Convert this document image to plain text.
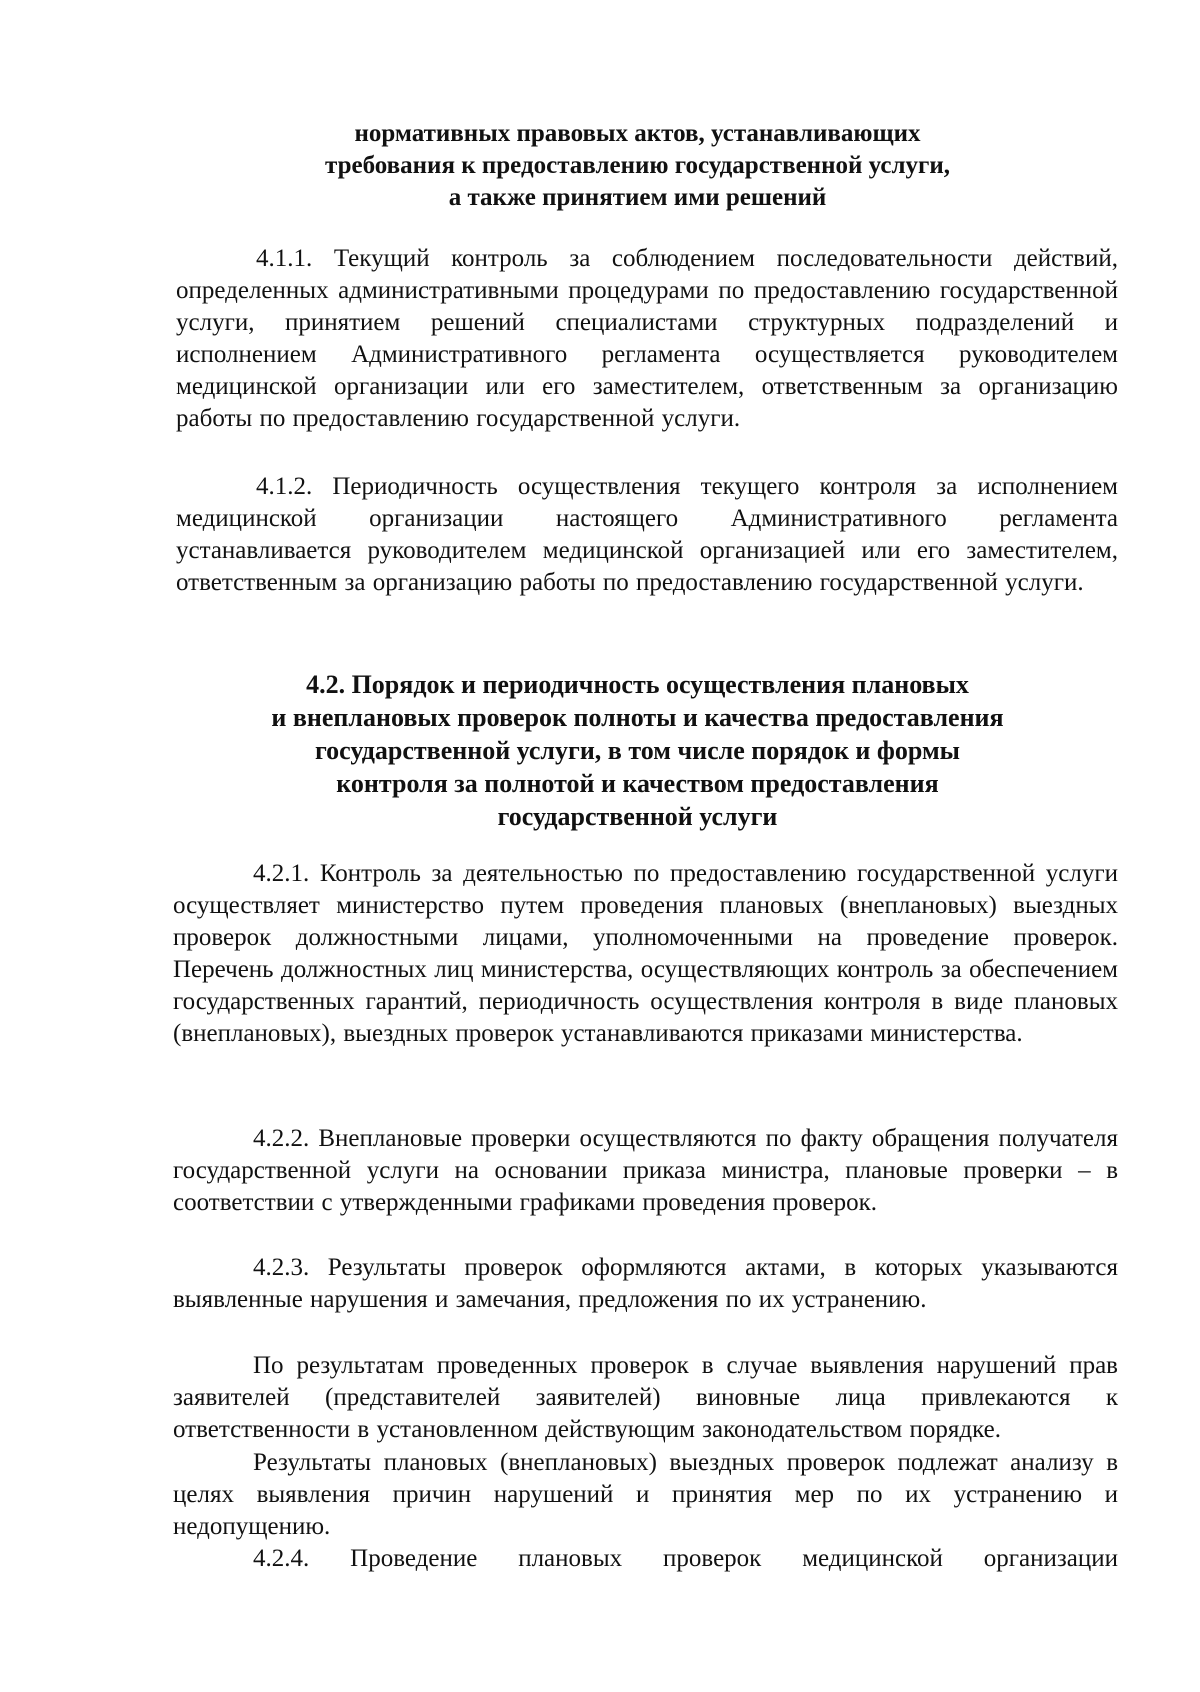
нормативных правовых актов, устанавливающих
требования к предоставлению государственной услуги,
а также принятием ими решений

4.1.1. Текущий контроль за соблюдением последовательности действий, определенных административными процедурами по предоставлению государственной услуги, принятием решений специалистами структурных подразделений и исполнением Административного регламента осуществляется руководителем медицинской организации или его заместителем, ответственным за организацию работы по предоставлению государственной услуги.

4.1.2. Периодичность осуществления текущего контроля за исполнением медицинской организации настоящего Административного регламента устанавливается руководителем медицинской организацией или его заместителем, ответственным за организацию работы по предоставлению государственной услуги.

4.2. Порядок и периодичность осуществления плановых
и внеплановых проверок полноты и качества предоставления
государственной услуги, в том числе порядок и формы
контроля за полнотой и качеством предоставления
государственной услуги

4.2.1. Контроль за деятельностью по предоставлению государственной услуги осуществляет министерство путем проведения плановых (внеплановых) выездных проверок должностными лицами, уполномоченными на проведение проверок. Перечень должностных лиц министерства, осуществляющих контроль за обеспечением государственных гарантий, периодичность осуществления контроля в виде плановых (внеплановых), выездных проверок устанавливаются приказами министерства.

4.2.2. Внеплановые проверки осуществляются по факту обращения получателя государственной услуги на основании приказа министра, плановые проверки – в соответствии с утвержденными графиками проведения проверок.

4.2.3. Результаты проверок оформляются актами, в которых указываются выявленные нарушения и замечания, предложения по их устранению.

По результатам проведенных проверок в случае выявления нарушений прав заявителей (представителей заявителей) виновные лица привлекаются к ответственности в установленном действующим законодательством порядке.

Результаты плановых (внеплановых) выездных проверок подлежат анализу в целях выявления причин нарушений и принятия мер по их устранению и недопущению.

4.2.4. Проведение плановых проверок медицинской организации
